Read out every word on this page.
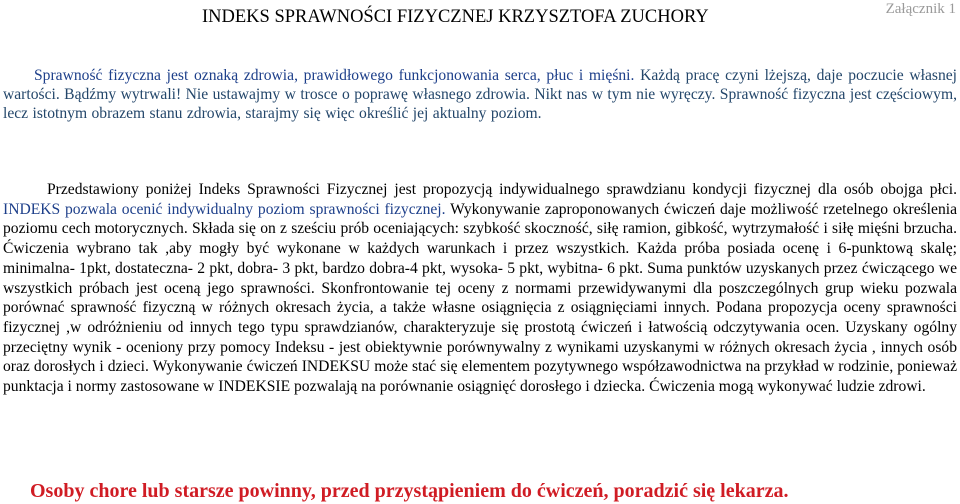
Załącznik 1
INDEKS SPRAWNOŚCI FIZYCZNEJ KRZYSZTOFA ZUCHORY

Sprawność fizyczna jest oznaką zdrowia, prawidłowego funkcjonowania serca, płuc i mięśni. Każdą pracę czyni lżejszą, daje poczucie własnej wartości. Bądźmy wytrwali! Nie ustawajmy w trosce o poprawę własnego zdrowia. Nikt nas w tym nie wyręczy. Sprawność fizyczna jest częściowym, lecz istotnym obrazem stanu zdrowia, starajmy się więc określić jej aktualny poziom.

Przedstawiony poniżej Indeks Sprawności Fizycznej jest propozycją indywidualnego sprawdzianu kondycji fizycznej dla osób obojga płci. INDEKS pozwala ocenić indywidualny poziom sprawności fizycznej. Wykonywanie zaproponowanych ćwiczeń daje możliwość rzetelnego określenia poziomu cech motorycznych. Składa się on z sześciu prób oceniających: szybkość skoczność, siłę ramion, gibkość, wytrzymałość i siłę mięśni brzucha. Ćwiczenia wybrano tak ,aby mogły być wykonane w każdych warunkach i przez wszystkich. Każda próba posiada ocenę i 6-punktową skalę; minimalna- 1pkt, dostateczna- 2 pkt, dobra- 3 pkt, bardzo dobra-4 pkt, wysoka- 5 pkt, wybitna- 6 pkt. Suma punktów uzyskanych przez ćwiczącego we wszystkich próbach jest oceną jego sprawności. Skonfrontowanie tej oceny z normami przewidywanymi dla poszczególnych grup wieku pozwala porównać sprawność fizyczną w różnych okresach życia, a także własne osiągnięcia z osiągnięciami innych. Podana propozycja oceny sprawności fizycznej ,w odróżnieniu od innych tego typu sprawdzianów, charakteryzuje się prostotą ćwiczeń i łatwością odczytywania ocen. Uzyskany ogólny przeciętny wynik - oceniony przy pomocy Indeksu - jest obiektywnie porównywalny z wynikami uzyskanymi w różnych okresach życia , innych osób oraz dorosłych i dzieci. Wykonywanie ćwiczeń INDEKSU może stać się elementem pozytywnego współzawodnictwa na przykład w rodzinie, ponieważ punktacja i normy zastosowane w INDEKSIE pozwalają na porównanie osiągnięć dorosłego i dziecka. Ćwiczenia mogą wykonywać ludzie zdrowi.

Osoby chore lub starsze powinny, przed przystąpieniem do ćwiczeń, poradzić się lekarza.
